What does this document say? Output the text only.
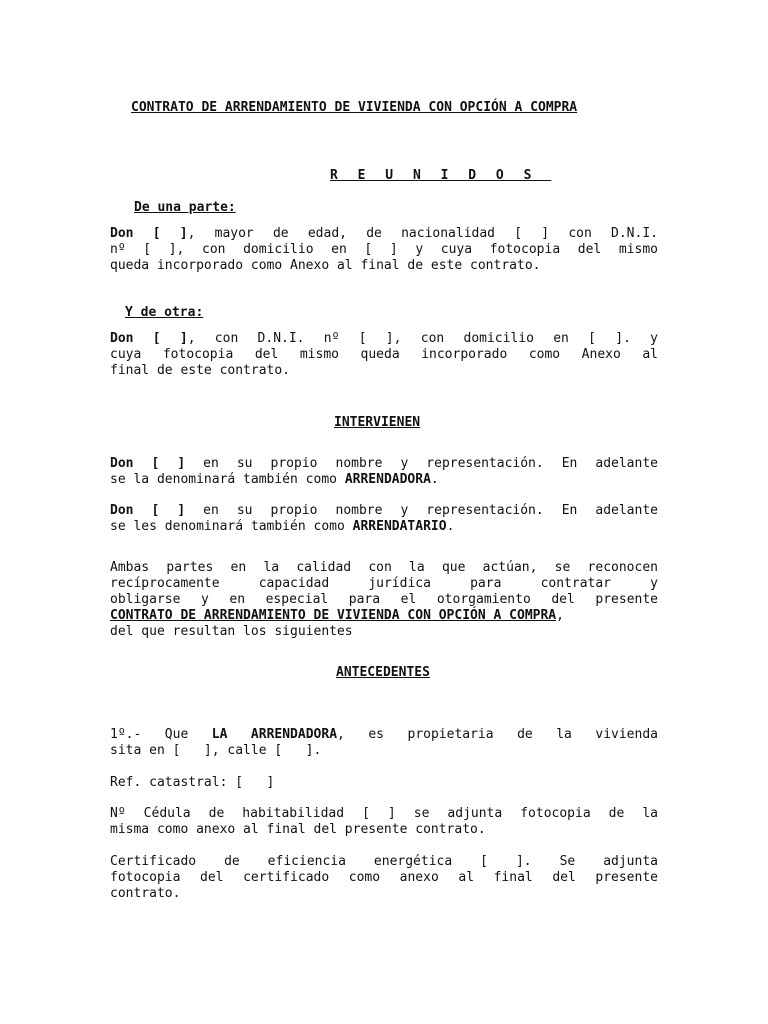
CONTRATO DE ARRENDAMIENTO DE VIVIENDA CON OPCIÓN A COMPRA
R E U N I D O S
De una parte:
Don [ ], mayor de edad, de nacionalidad [ ] con D.N.I.
nº [ ], con domicilio en [ ] y cuya fotocopia del mismo
queda incorporado como Anexo al final de este contrato.
Y de otra:
Don [ ], con D.N.I. nº [ ], con domicilio en [ ]. y
cuya fotocopia del mismo queda incorporado como Anexo al
final de este contrato.
INTERVIENEN
Don [ ] en su propio nombre y representación. En adelante
se la denominará también como ARRENDADORA.
Don [ ] en su propio nombre y representación. En adelante
se les denominará también como ARRENDATARIO.
Ambas partes en la calidad con la que actúan, se reconocen
recíprocamente capacidad jurídica para contratar y
obligarse y en especial para el otorgamiento del presente
CONTRATO DE ARRENDAMIENTO DE VIVIENDA CON OPCIÓN A COMPRA,
del que resultan los siguientes
ANTECEDENTES
1º.- Que LA ARRENDADORA, es propietaria de la vivienda
sita en [   ], calle [   ].
Ref. catastral: [   ]
Nº Cédula de habitabilidad [ ] se adjunta fotocopia de la
misma como anexo al final del presente contrato.
Certificado de eficiencia energética [ ]. Se adjunta
fotocopia del certificado como anexo al final del presente
contrato.
